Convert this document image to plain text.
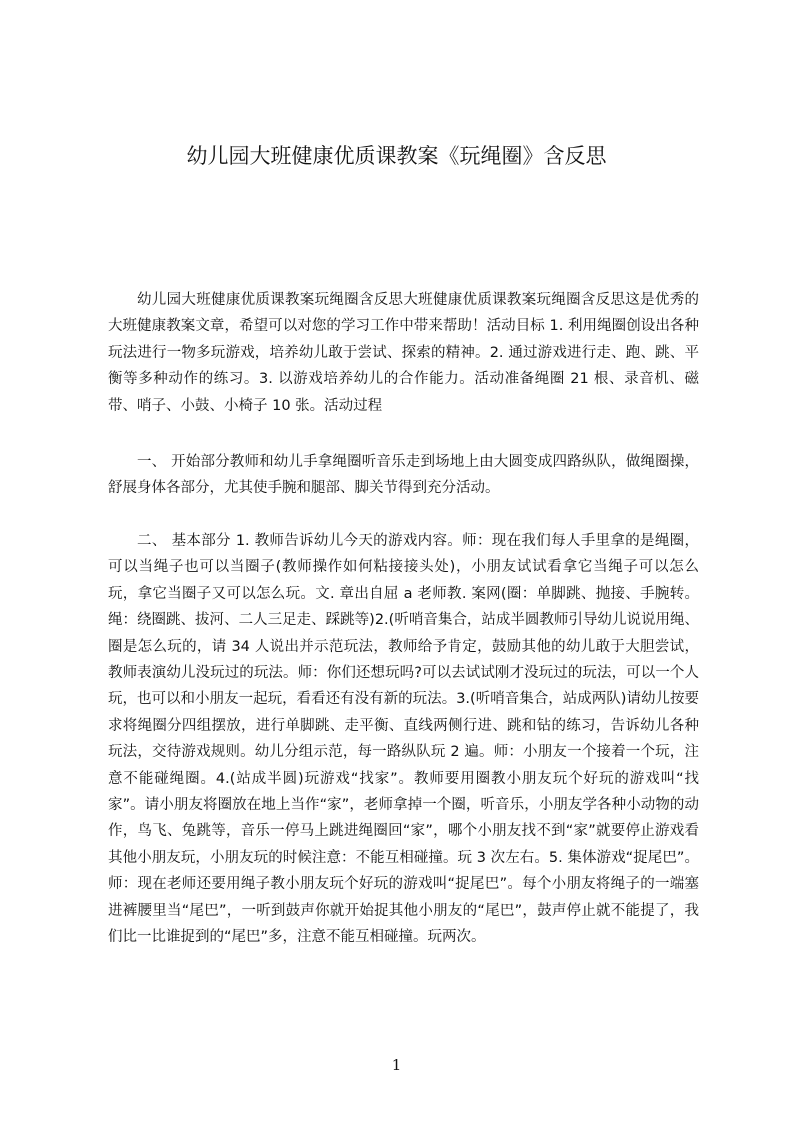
幼儿园大班健康优质课教案《玩绳圈》含反思

幼儿园大班健康优质课教案玩绳圈含反思大班健康优质课教案玩绳圈含反思这是优秀的大班健康教案文章，希望可以对您的学习工作中带来帮助！活动目标 1. 利用绳圈创设出各种玩法进行一物多玩游戏，培养幼儿敢于尝试、探索的精神。2. 通过游戏进行走、跑、跳、平衡等多种动作的练习。3. 以游戏培养幼儿的合作能力。活动准备绳圈 21 根、录音机、磁带、哨子、小鼓、小椅子 10 张。活动过程

一、 开始部分教师和幼儿手拿绳圈听音乐走到场地上由大圆变成四路纵队，做绳圈操，舒展身体各部分，尤其使手腕和腿部、脚关节得到充分活动。

二、 基本部分 1. 教师告诉幼儿今天的游戏内容。师：现在我们每人手里拿的是绳圈，可以当绳子也可以当圈子(教师操作如何粘接接头处)，小朋友试试看拿它当绳子可以怎么玩，拿它当圈子又可以怎么玩。文. 章出自屈 a 老师教. 案网(圈：单脚跳、抛接、手腕转。绳：绕圈跳、拔河、二人三足走、踩跳等)2.(听哨音集合，站成半圆教师引导幼儿说说用绳、圈是怎么玩的，请 34 人说出并示范玩法，教师给予肯定，鼓励其他的幼儿敢于大胆尝试，教师表演幼儿没玩过的玩法。师：你们还想玩吗?可以去试试刚才没玩过的玩法，可以一个人玩，也可以和小朋友一起玩，看看还有没有新的玩法。3.(听哨音集合，站成两队)请幼儿按要求将绳圈分四组摆放，进行单脚跳、走平衡、直线两侧行进、跳和钻的练习，告诉幼儿各种玩法，交待游戏规则。幼儿分组示范，每一路纵队玩 2 遍。师：小朋友一个接着一个玩，注意不能碰绳圈。4.(站成半圆)玩游戏“找家”。教师要用圈教小朋友玩个好玩的游戏叫“找家”。请小朋友将圈放在地上当作“家”，老师拿掉一个圈，听音乐，小朋友学各种小动物的动作，鸟飞、兔跳等，音乐一停马上跳进绳圈回“家”，哪个小朋友找不到“家”就要停止游戏看其他小朋友玩，小朋友玩的时候注意：不能互相碰撞。玩 3 次左右。5. 集体游戏“捉尾巴”。师：现在老师还要用绳子教小朋友玩个好玩的游戏叫“捉尾巴”。每个小朋友将绳子的一端塞进裤腰里当“尾巴”，一听到鼓声你就开始捉其他小朋友的“尾巴”，鼓声停止就不能提了，我们比一比谁捉到的“尾巴”多，注意不能互相碰撞。玩两次。

1
